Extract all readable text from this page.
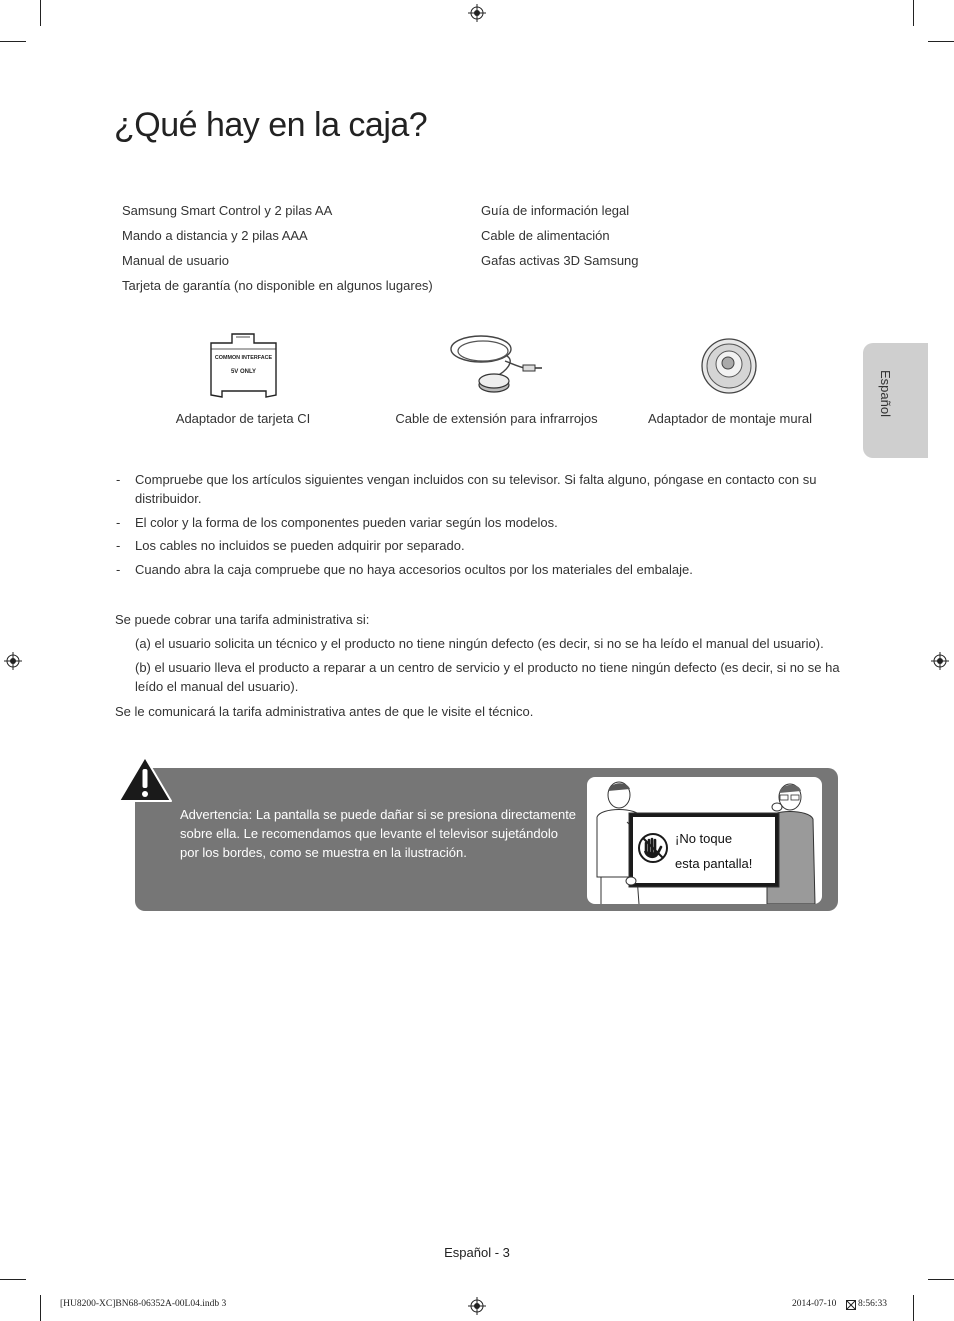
¿Qué hay en la caja?
Español
Samsung Smart Control y 2 pilas AA
Mando a distancia y 2 pilas AAA
Manual de usuario
Tarjeta de garantía (no disponible en algunos lugares)
Guía de información legal
Cable de alimentación
Gafas activas 3D Samsung
COMMON INTERFACE
5V ONLY
Adaptador de tarjeta CI	Cable de extensión para infrarrojos	Adaptador de montaje mural
- Compruebe que los artículos siguientes vengan incluidos con su televisor. Si falta alguno, póngase en contacto con su distribuidor.
- El color y la forma de los componentes pueden variar según los modelos.
- Los cables no incluidos se pueden adquirir por separado.
- Cuando abra la caja compruebe que no haya accesorios ocultos por los materiales del embalaje.
Se puede cobrar una tarifa administrativa si:
(a) el usuario solicita un técnico y el producto no tiene ningún defecto (es decir, si no se ha leído el manual del usuario).
(b) el usuario lleva el producto a reparar a un centro de servicio y el producto no tiene ningún defecto (es decir, si no se ha leído el manual del usuario).
Se le comunicará la tarifa administrativa antes de que le visite el técnico.
Advertencia: La pantalla se puede dañar si se presiona directamente sobre ella. Le recomendamos que levante el televisor sujetándolo por los bordes, como se muestra en la ilustración.
¡No toque
esta pantalla!
Español - 3
[HU8200-XC]BN68-06352A-00L04.indb 3	2014-07-10 8:56:33
